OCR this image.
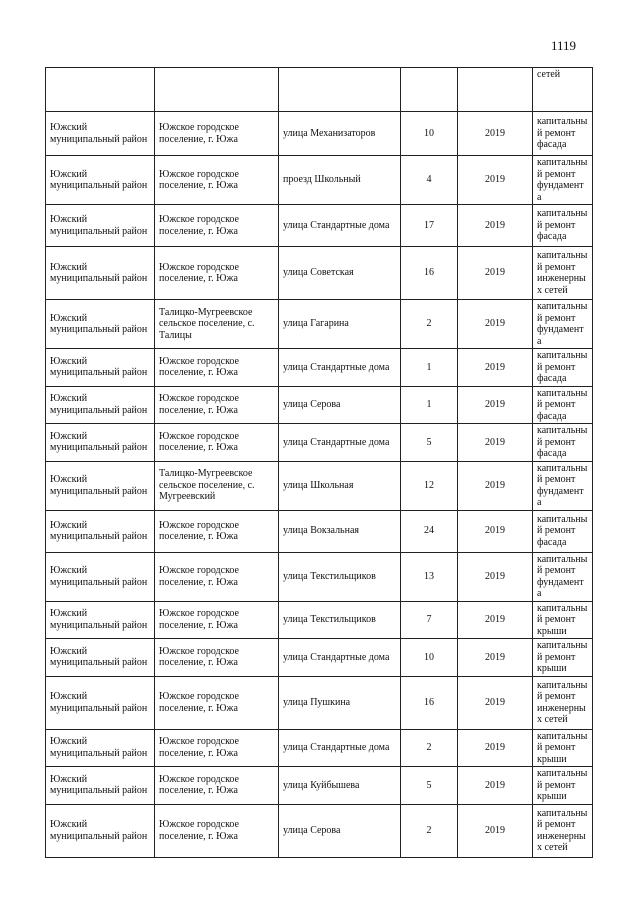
1119
					сетей
Южский муниципальный район	Южское городское поселение, г. Южа	улица Механизаторов	10	2019	капитальный ремонт фасада
Южский муниципальный район	Южское городское поселение, г. Южа	проезд Школьный	4	2019	капитальный ремонт фундамента
Южский муниципальный район	Южское городское поселение, г. Южа	улица Стандартные дома	17	2019	капитальный ремонт фасада
Южский муниципальный район	Южское городское поселение, г. Южа	улица Советская	16	2019	капитальный ремонт инженерных сетей
Южский муниципальный район	Талицко-Мугреевское сельское поселение, с. Талицы	улица Гагарина	2	2019	капитальный ремонт фундамента
Южский муниципальный район	Южское городское поселение, г. Южа	улица Стандартные дома	1	2019	капитальный ремонт фасада
Южский муниципальный район	Южское городское поселение, г. Южа	улица Серова	1	2019	капитальный ремонт фасада
Южский муниципальный район	Южское городское поселение, г. Южа	улица Стандартные дома	5	2019	капитальный ремонт фасада
Южский муниципальный район	Талицко-Мугреевское сельское поселение, с. Мугреевский	улица Школьная	12	2019	капитальный ремонт фундамента
Южский муниципальный район	Южское городское поселение, г. Южа	улица Вокзальная	24	2019	капитальный ремонт фасада
Южский муниципальный район	Южское городское поселение, г. Южа	улица Текстильщиков	13	2019	капитальный ремонт фундамента
Южский муниципальный район	Южское городское поселение, г. Южа	улица Текстильщиков	7	2019	капитальный ремонт крыши
Южский муниципальный район	Южское городское поселение, г. Южа	улица Стандартные дома	10	2019	капитальный ремонт крыши
Южский муниципальный район	Южское городское поселение, г. Южа	улица Пушкина	16	2019	капитальный ремонт инженерных сетей
Южский муниципальный район	Южское городское поселение, г. Южа	улица Стандартные дома	2	2019	капитальный ремонт крыши
Южский муниципальный район	Южское городское поселение, г. Южа	улица Куйбышева	5	2019	капитальный ремонт крыши
Южский муниципальный район	Южское городское поселение, г. Южа	улица Серова	2	2019	капитальный ремонт инженерных сетей
